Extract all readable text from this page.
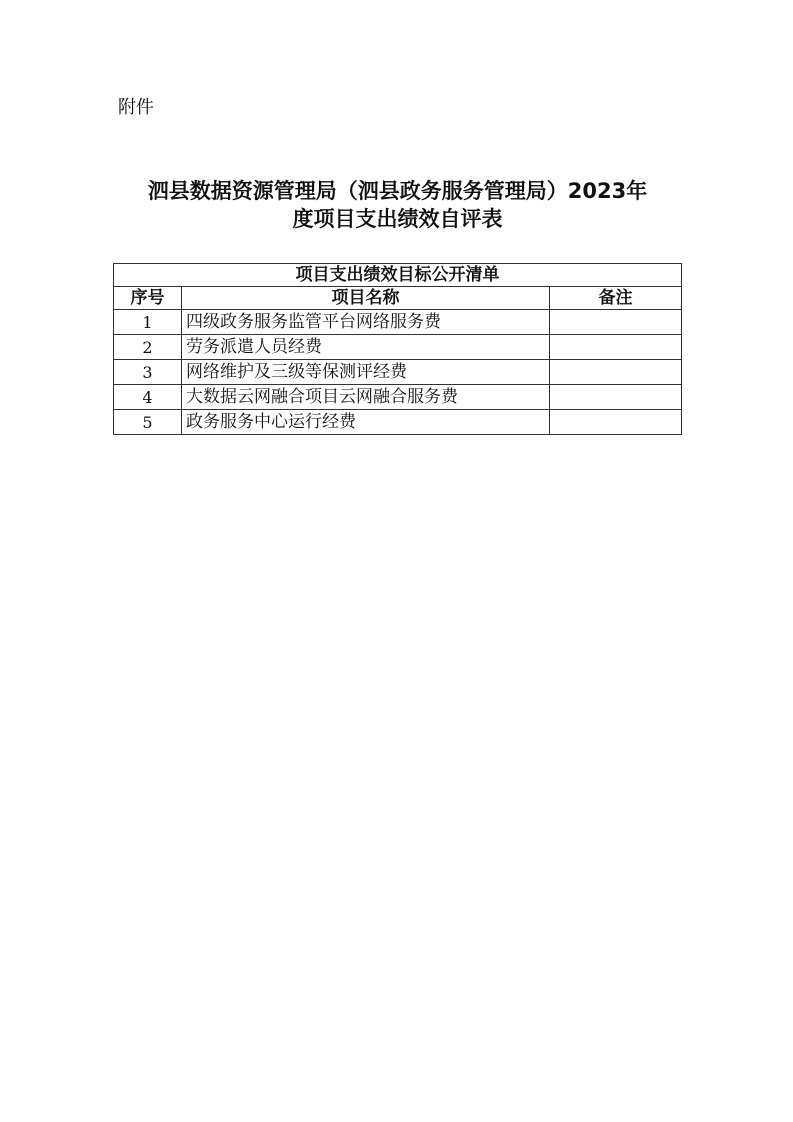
附件
泗县数据资源管理局（泗县政务服务管理局）2023年
度项目支出绩效自评表
项目支出绩效目标公开清单		
序号	项目名称	备注
1	四级政务服务监管平台网络服务费	
2	劳务派遣人员经费	
3	网络维护及三级等保测评经费	
4	大数据云网融合项目云网融合服务费	
5	政务服务中心运行经费	
